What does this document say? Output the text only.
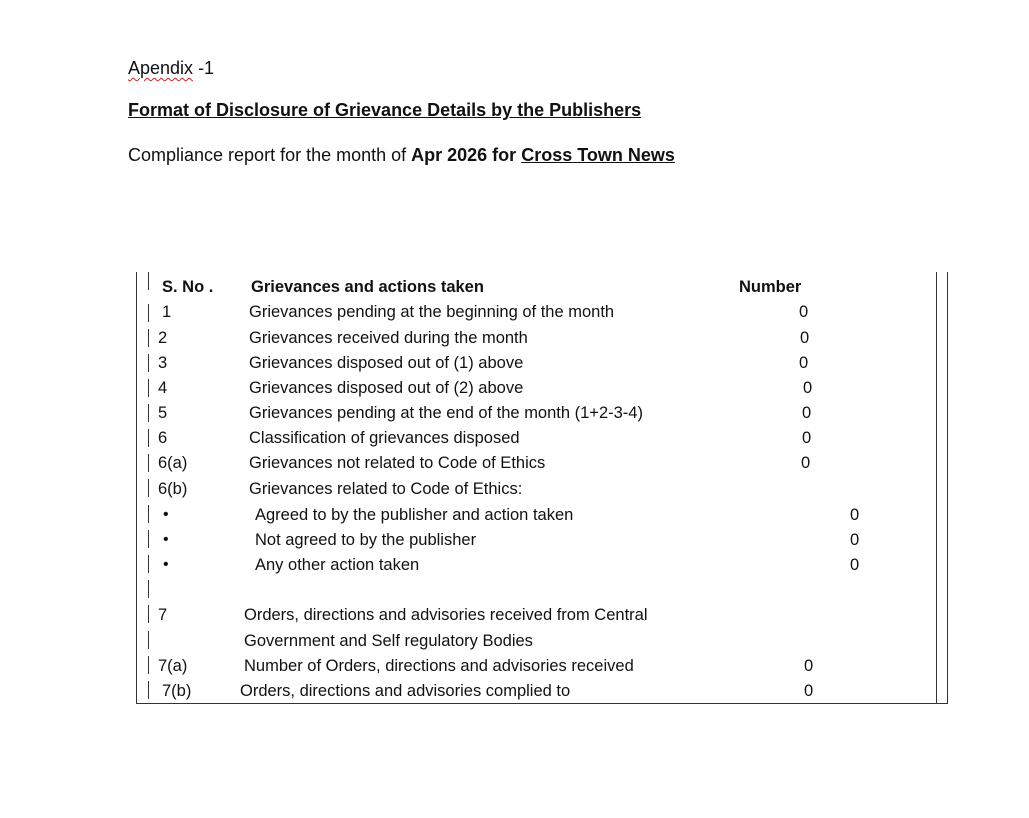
Apendix -1
Format of Disclosure of Grievance Details by the Publishers
Compliance report for the month of Apr 2026 for Cross Town News
S. No . Grievances and actions taken	Number
1	Grievances pending at the beginning of the month	0
2	Grievances received during the month	0
3	Grievances disposed out of (1) above	0
4	Grievances disposed out of (2) above	0
5	Grievances pending at the end of the month (1+2-3-4)	0
6	Classification of grievances disposed	0
6(a)	Grievances not related to Code of Ethics	0
6(b)	Grievances related to Code of Ethics:
•	Agreed to by the publisher and action taken	0
•	Not agreed to by the publisher	0
•	Any other action taken	0
7	Orders, directions and advisories received from Central
Government and Self regulatory Bodies
7(a)	Number of Orders, directions and advisories received	0
7(b)	Orders, directions and advisories complied to	0
